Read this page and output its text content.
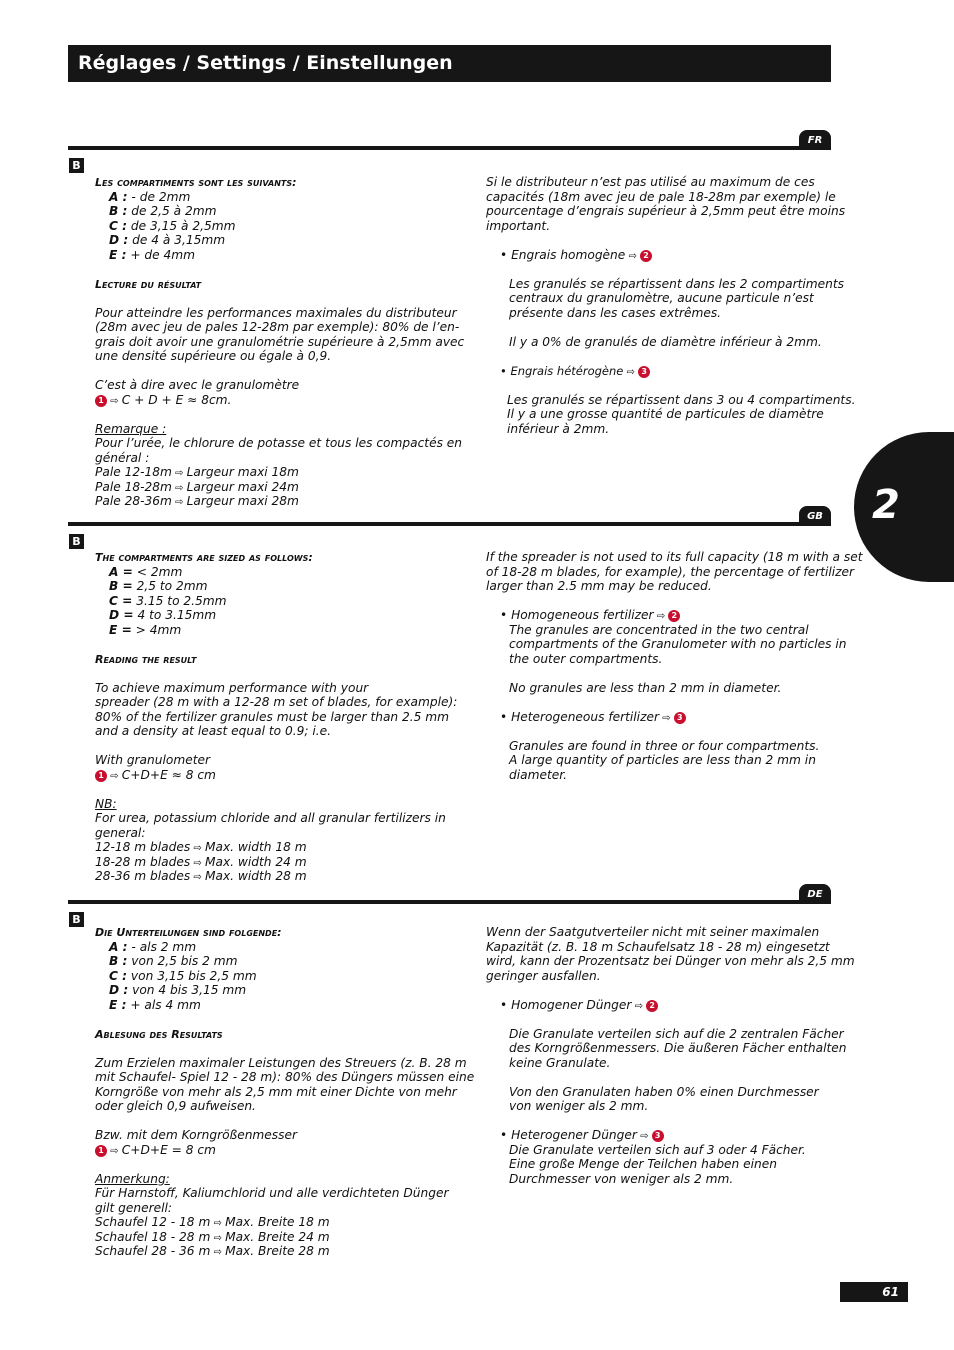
Réglages / Settings / Einstellungen
FR
B
Les compartiments sont les suivants:
A : - de 2mm
B : de 2,5 à 2mm
C : de 3,15 à 2,5mm
D : de 4 à 3,15mm
E : + de 4mm
Lecture du résultat
Pour atteindre les performances maximales du distributeur
(28m avec jeu de pales 12-28m par exemple): 80% de l’en-
grais doit avoir une granulométrie supérieure à 2,5mm avec
une densité supérieure ou égale à 0,9.
C’est à dire avec le granulomètre
1 ⇨ C + D + E ≈ 8cm.
Remarque :
Pour l’urée, le chlorure de potasse et tous les compactés en
général :
Pale 12-18m ⇨ Largeur maxi 18m
Pale 18-28m ⇨ Largeur maxi 24m
Pale 28-36m ⇨ Largeur maxi 28m
Si le distributeur n’est pas utilisé au maximum de ces
capacités (18m avec jeu de pale 18-28m par exemple) le
pourcentage d’engrais supérieur à 2,5mm peut être moins
important.
• Engrais homogène ⇨ 2
Les granulés se répartissent dans les 2 compartiments
centraux du granulomètre, aucune particule n’est
présente dans les cases extrêmes.
Il y a 0% de granulés de diamètre inférieur à 2mm.
• Engrais hétérogène ⇨ 3
Les granulés se répartissent dans 3 ou 4 compartiments.
Il y a une grosse quantité de particules de diamètre
inférieur à 2mm.
GB
B
The compartments are sized as follows:
A = < 2mm
B = 2,5 to 2mm
C = 3.15 to 2.5mm
D = 4 to 3.15mm
E = > 4mm
Reading the result
To achieve maximum performance with your
spreader (28 m with a 12-28 m set of blades, for example):
80% of the fertilizer granules must be larger than 2.5 mm
and a density at least equal to 0.9; i.e.
With granulometer
1 ⇨ C+D+E ≈ 8 cm
NB:
For urea, potassium chloride and all granular fertilizers in
general:
12-18 m blades ⇨ Max. width 18 m
18-28 m blades ⇨ Max. width 24 m
28-36 m blades ⇨ Max. width 28 m
If the spreader is not used to its full capacity (18 m with a set
of 18-28 m blades, for example), the percentage of fertilizer
larger than 2.5 mm may be reduced.
• Homogeneous fertilizer ⇨ 2
The granules are concentrated in the two central
compartments of the Granulometer with no particles in
the outer compartments.
No granules are less than 2 mm in diameter.
• Heterogeneous fertilizer ⇨ 3
Granules are found in three or four compartments.
A large quantity of particles are less than 2 mm in
diameter.
DE
B
Die Unterteilungen sind folgende:
A : - als 2 mm
B : von 2,5 bis 2 mm
C : von 3,15 bis 2,5 mm
D : von 4 bis 3,15 mm
E : + als 4 mm
Ablesung des Resultats
Zum Erzielen maximaler Leistungen des Streuers (z. B. 28 m
mit Schaufel- Spiel 12 - 28 m): 80% des Düngers müssen eine
Korngröße von mehr als 2,5 mm mit einer Dichte von mehr
oder gleich 0,9 aufweisen.
Bzw. mit dem Korngrößenmesser
1 ⇨ C+D+E = 8 cm
Anmerkung:
Für Harnstoff, Kaliumchlorid und alle verdichteten Dünger
gilt generell:
Schaufel 12 - 18 m ⇨ Max. Breite 18 m
Schaufel 18 - 28 m ⇨ Max. Breite 24 m
Schaufel 28 - 36 m ⇨ Max. Breite 28 m
Wenn der Saatgutverteiler nicht mit seiner maximalen
Kapazität (z. B. 18 m Schaufelsatz 18 - 28 m) eingesetzt
wird, kann der Prozentsatz bei Dünger von mehr als 2,5 mm
geringer ausfallen.
• Homogener Dünger ⇨ 2
Die Granulate verteilen sich auf die 2 zentralen Fächer
des Korngrößenmessers. Die äußeren Fächer enthalten
keine Granulate.
Von den Granulaten haben 0% einen Durchmesser
von weniger als 2 mm.
• Heterogener Dünger ⇨ 3
Die Granulate verteilen sich auf 3 oder 4 Fächer.
Eine große Menge der Teilchen haben einen
Durchmesser von weniger als 2 mm.
2
61
